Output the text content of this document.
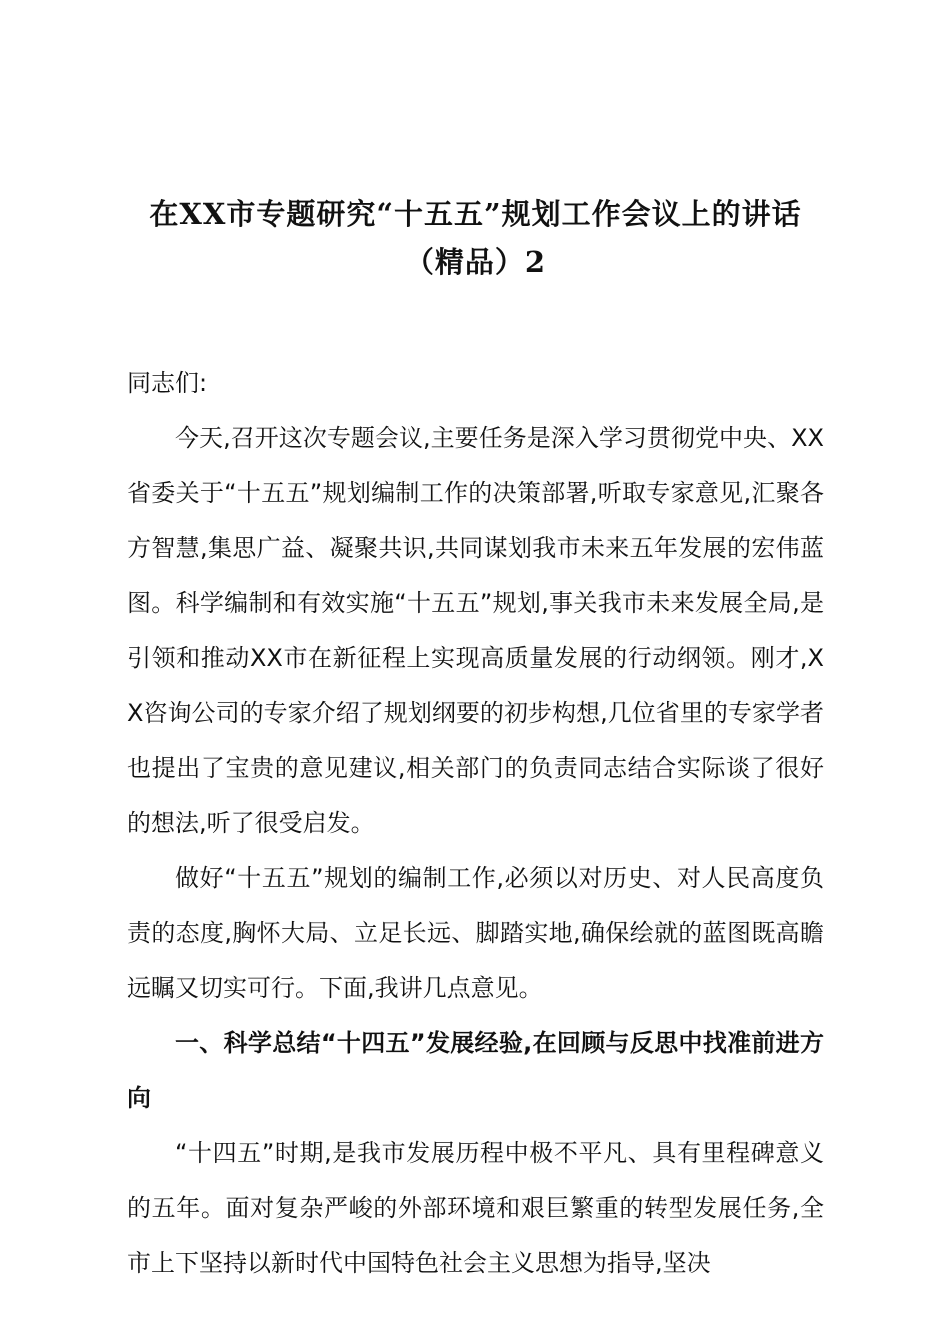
在XX市专题研究“十五五”规划工作会议上的讲话（精品）2

同志们:

今天,召开这次专题会议,主要任务是深入学习贯彻党中央、XX省委关于“十五五”规划编制工作的决策部署,听取专家意见,汇聚各方智慧,集思广益、凝聚共识,共同谋划我市未来五年发展的宏伟蓝图。科学编制和有效实施“十五五”规划,事关我市未来发展全局,是引领和推动XX市在新征程上实现高质量发展的行动纲领。刚才,XX咨询公司的专家介绍了规划纲要的初步构想,几位省里的专家学者也提出了宝贵的意见建议,相关部门的负责同志结合实际谈了很好的想法,听了很受启发。

做好“十五五”规划的编制工作,必须以对历史、对人民高度负责的态度,胸怀大局、立足长远、脚踏实地,确保绘就的蓝图既高瞻远瞩又切实可行。下面,我讲几点意见。

一、科学总结“十四五”发展经验,在回顾与反思中找准前进方向

“十四五”时期,是我市发展历程中极不平凡、具有里程碑意义的五年。面对复杂严峻的外部环境和艰巨繁重的转型发展任务,全市上下坚持以新时代中国特色社会主义思想为指导,坚决
